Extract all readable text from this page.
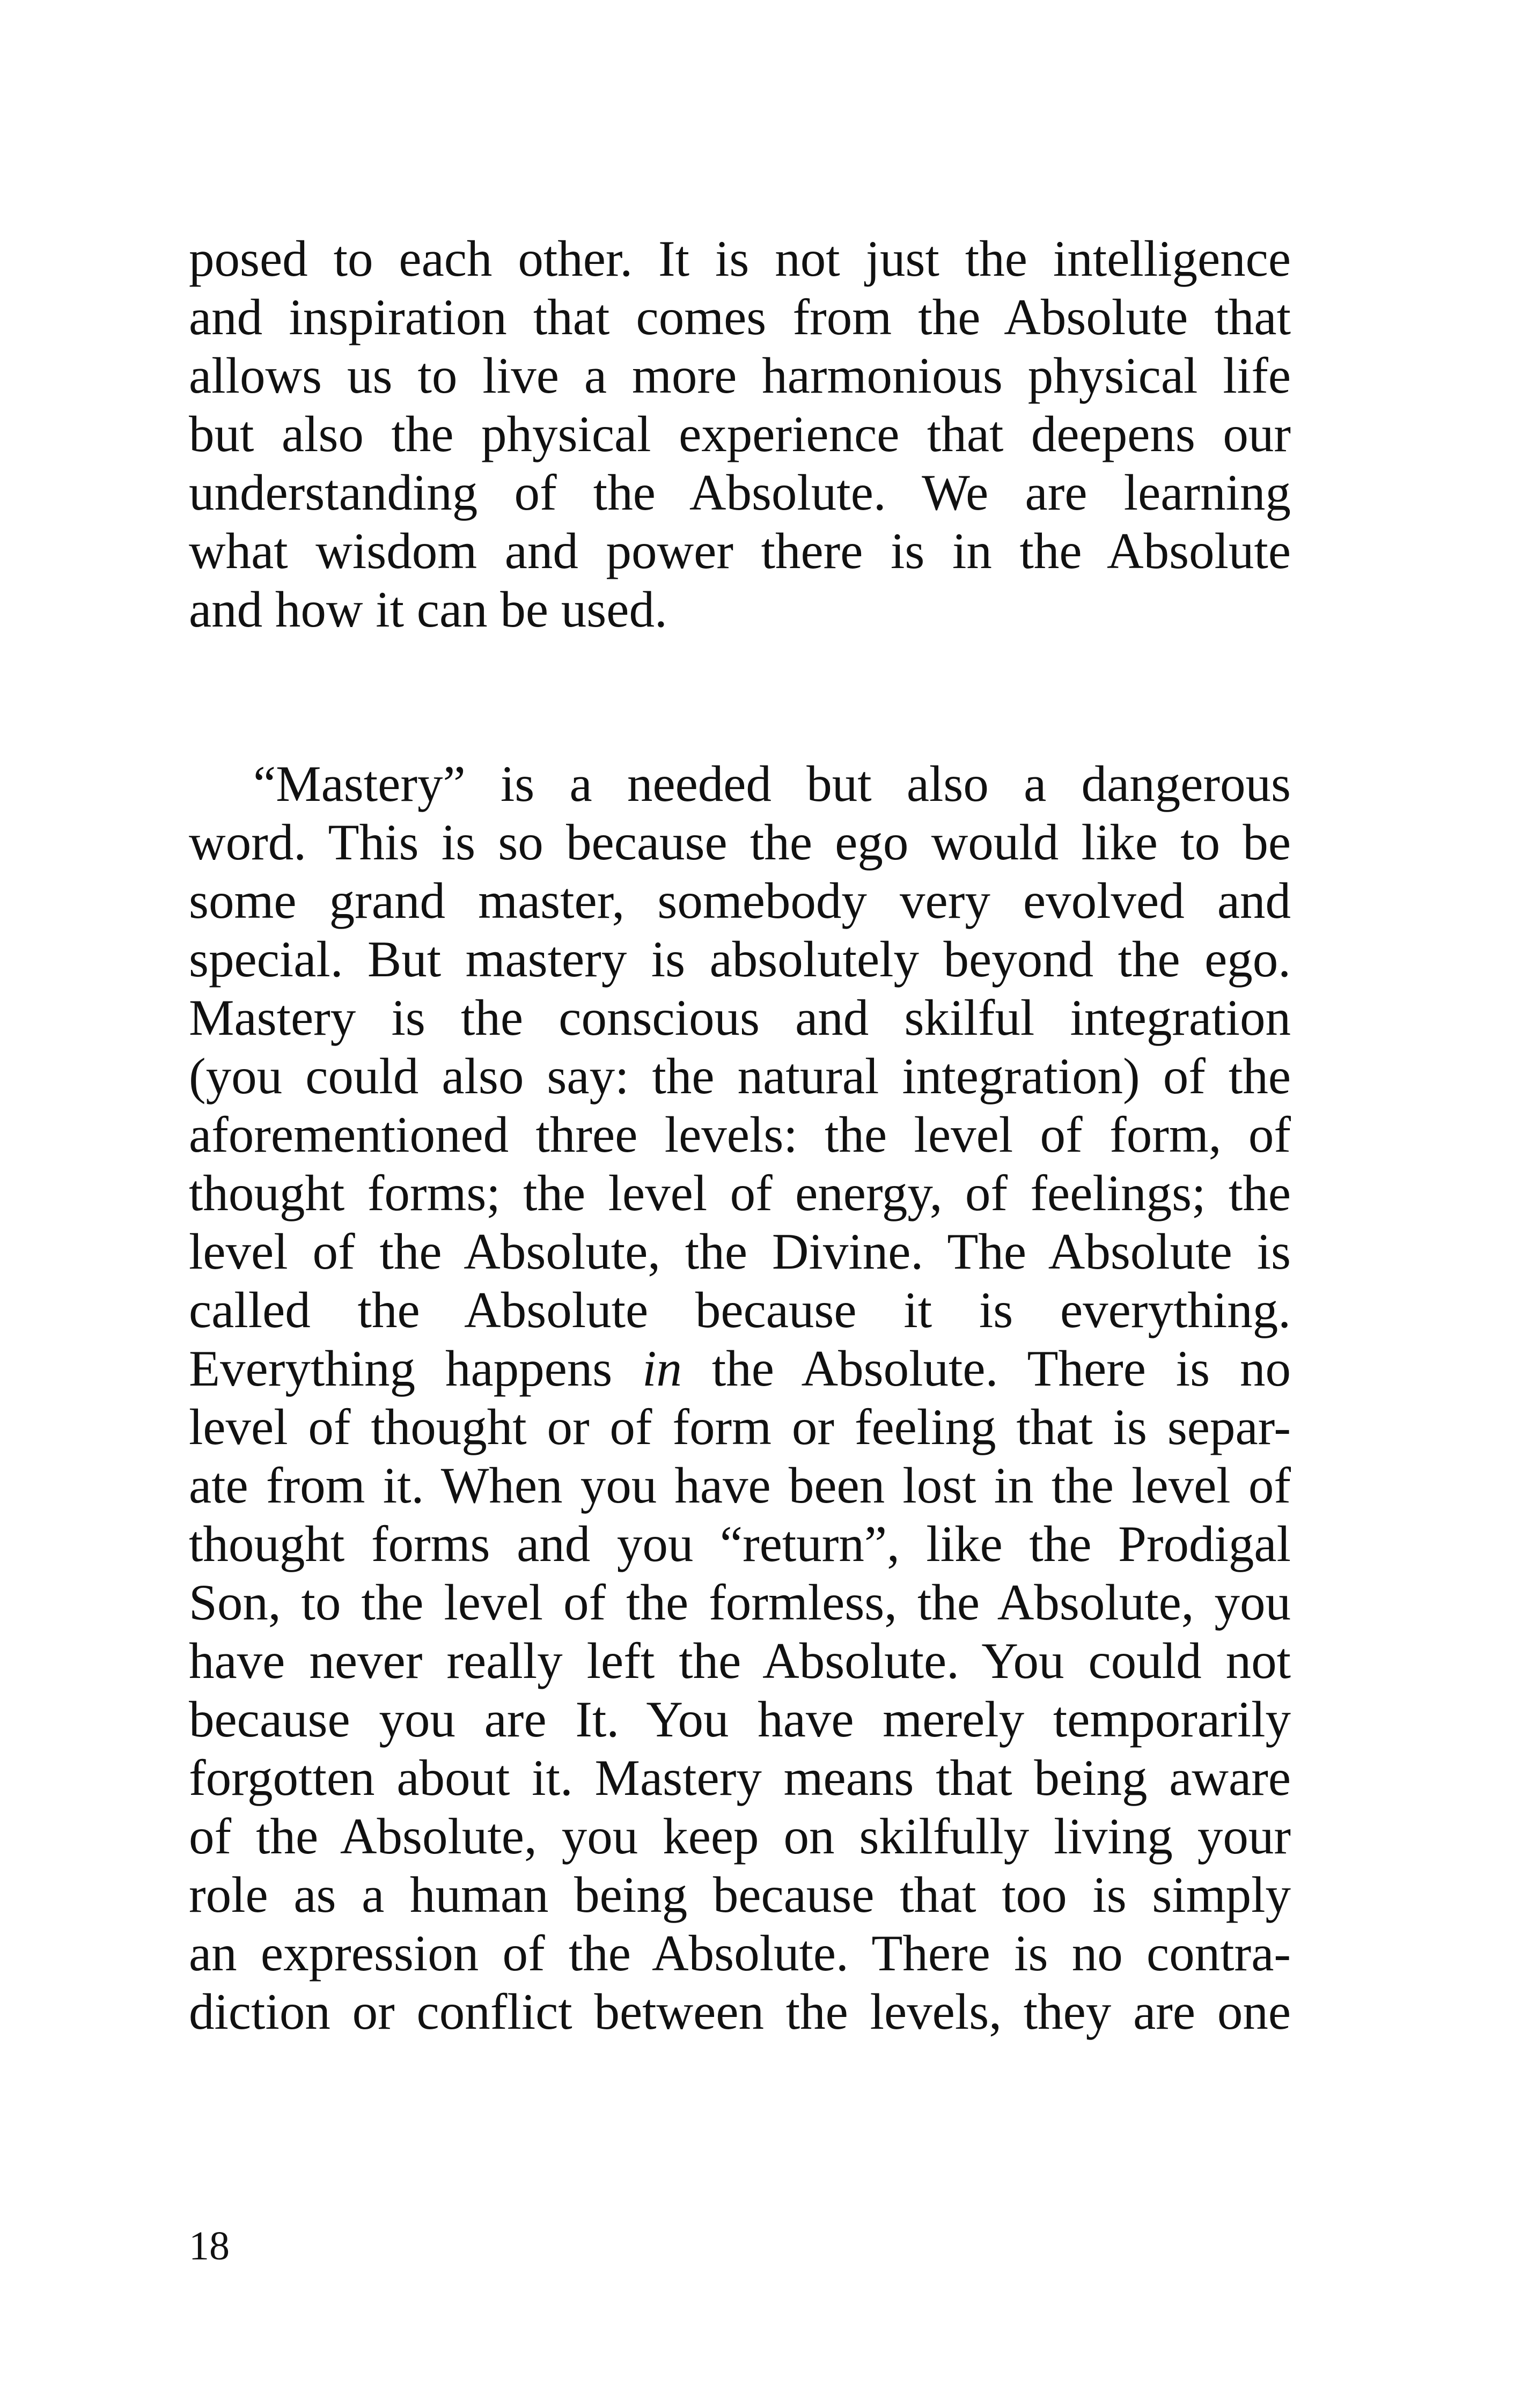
posed to each other. It is not just the intelligence
and inspiration that comes from the Absolute that
allows us to live a more harmonious physical life
but also the physical experience that deepens our
understanding of the Absolute. We are learning
what wisdom and power there is in the Absolute
and how it can be used.
“Mastery” is a needed but also a dangerous
word. This is so because the ego would like to be
some grand master, somebody very evolved and
special. But mastery is absolutely beyond the ego.
Mastery is the conscious and skilful integration
(you could also say: the natural integration) of the
aforementioned three levels: the level of form, of
thought forms; the level of energy, of feelings; the
level of the Absolute, the Divine. The Absolute is
called the Absolute because it is everything.
Everything happens in the Absolute. There is no
level of thought or of form or feeling that is separ-
ate from it. When you have been lost in the level of
thought forms and you “return”, like the Prodigal
Son, to the level of the formless, the Absolute, you
have never really left the Absolute. You could not
because you are It. You have merely temporarily
forgotten about it. Mastery means that being aware
of the Absolute, you keep on skilfully living your
role as a human being because that too is simply
an expression of the Absolute. There is no contra-
diction or conflict between the levels, they are one
18
